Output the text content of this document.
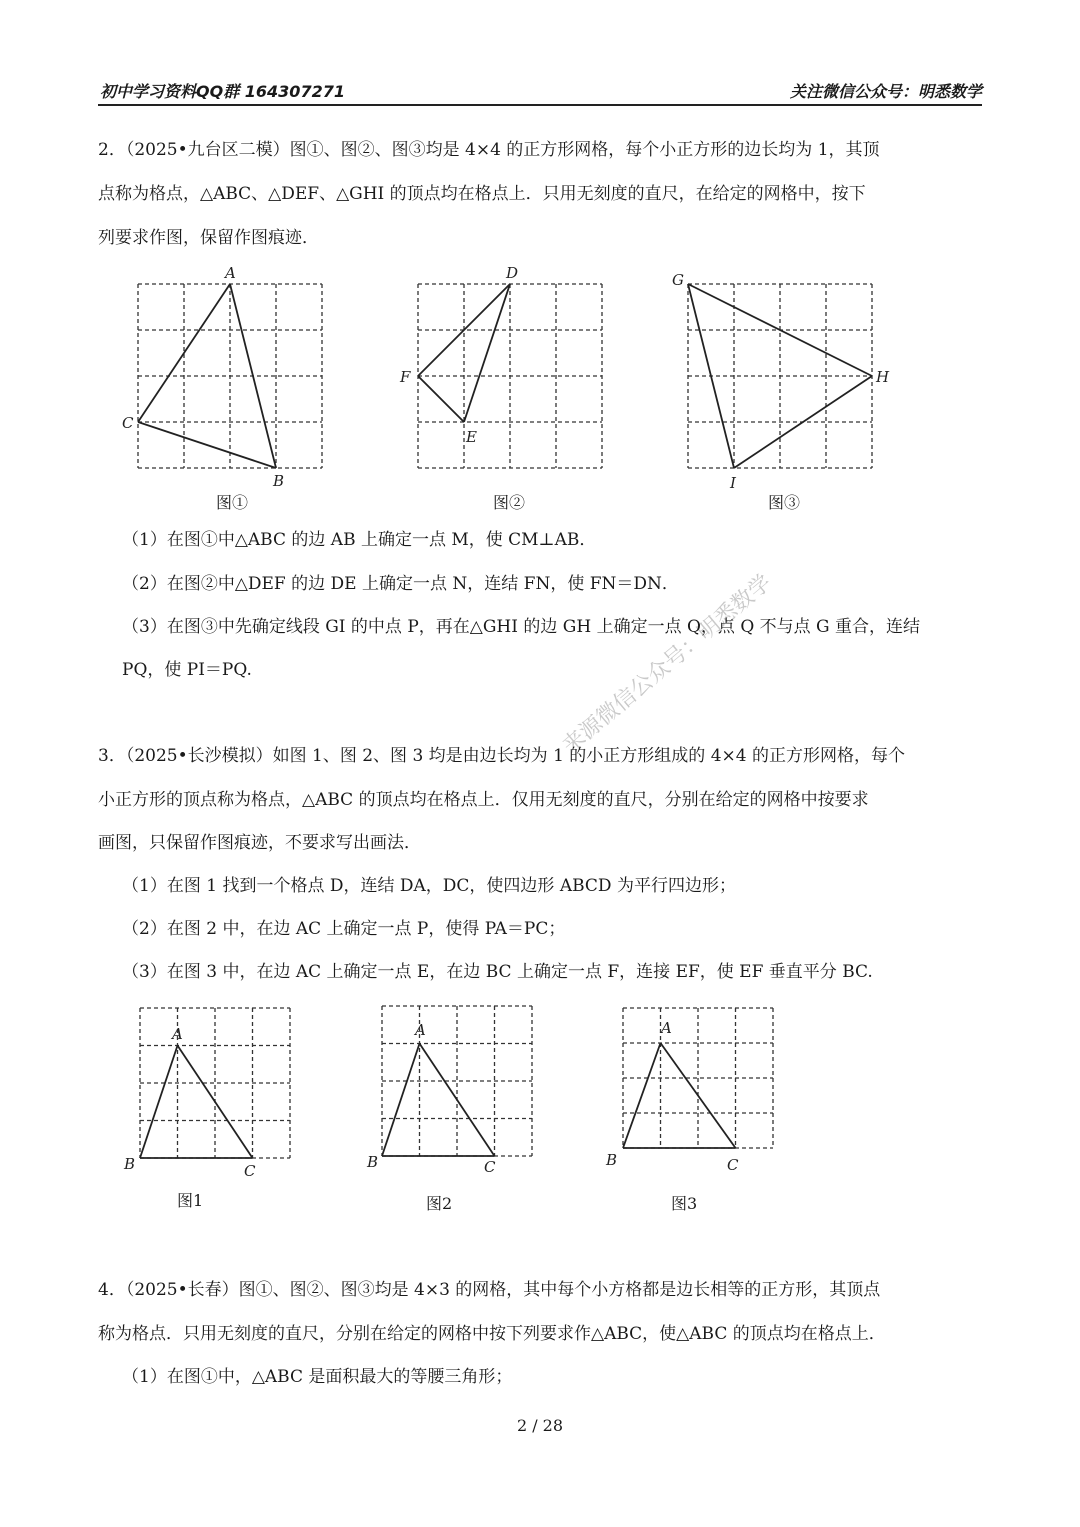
初中学习资料QQ群 164307271	关注微信公众号：明悉数学
来源微信公众号：明悉数学
2．（2025•九台区二模）图①、图②、图③均是 4×4 的正方形网格，每个小正方形的边长均为 1，其顶
点称为格点，△ABC、△DEF、△GHI 的顶点均在格点上．只用无刻度的直尺，在给定的网格中，按下
列要求作图，保留作图痕迹．
A
B
C
图①
D
E
F
图②
G
H
I
图③
（1）在图①中△ABC 的边 AB 上确定一点 M，使 CM⊥AB．
（2）在图②中△DEF 的边 DE 上确定一点 N，连结 FN，使 FN＝DN．
（3）在图③中先确定线段 GI 的中点 P，再在△GHI 的边 GH 上确定一点 Q，点 Q 不与点 G 重合，连结
PQ，使 PI＝PQ.
3．（2025•长沙模拟）如图 1、图 2、图 3 均是由边长均为 1 的小正方形组成的 4×4 的正方形网格，每个
小正方形的顶点称为格点，△ABC 的顶点均在格点上．仅用无刻度的直尺，分别在给定的网格中按要求
画图，只保留作图痕迹，不要求写出画法．
（1）在图 1 找到一个格点 D，连结 DA，DC，使四边形 ABCD 为平行四边形；
（2）在图 2 中，在边 AC 上确定一点 P，使得 PA＝PC；
（3）在图 3 中，在边 AC 上确定一点 E，在边 BC 上确定一点 F，连接 EF，使 EF 垂直平分 BC.
A
B	C
图1
A
B	C
图2
A
B	C
图3
4．（2025•长春）图①、图②、图③均是 4×3 的网格，其中每个小方格都是边长相等的正方形，其顶点
称为格点．只用无刻度的直尺，分别在给定的网格中按下列要求作△ABC，使△ABC 的顶点均在格点上．
（1）在图①中，△ABC 是面积最大的等腰三角形；
2 / 28
